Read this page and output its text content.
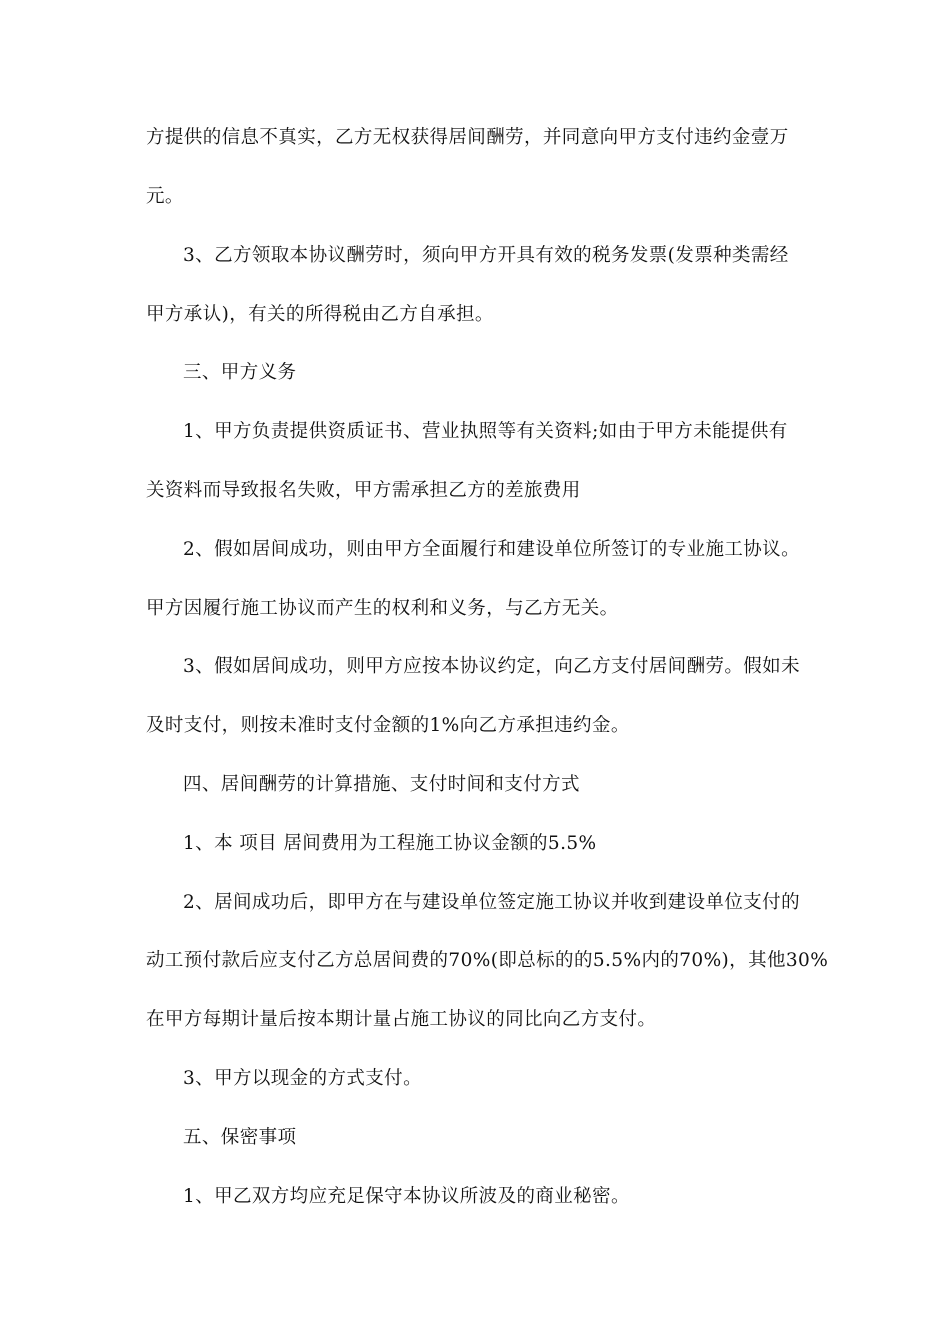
方提供的信息不真实，乙方无权获得居间酬劳，并同意向甲方支付违约金壹万

元。

3、乙方领取本协议酬劳时，须向甲方开具有效的税务发票(发票种类需经

甲方承认)，有关的所得税由乙方自承担。

三、甲方义务

1、甲方负责提供资质证书、营业执照等有关资料;如由于甲方未能提供有

关资料而导致报名失败，甲方需承担乙方的差旅费用

2、假如居间成功，则由甲方全面履行和建设单位所签订的专业施工协议。

甲方因履行施工协议而产生的权利和义务，与乙方无关。

3、假如居间成功，则甲方应按本协议约定，向乙方支付居间酬劳。假如未

及时支付，则按未准时支付金额的1%向乙方承担违约金。

四、居间酬劳的计算措施、支付时间和支付方式

1、本 项目 居间费用为工程施工协议金额的5.5%

2、居间成功后，即甲方在与建设单位签定施工协议并收到建设单位支付的

动工预付款后应支付乙方总居间费的70%(即总标的的5.5%内的70%)，其他30%

在甲方每期计量后按本期计量占施工协议的同比向乙方支付。

3、甲方以现金的方式支付。

五、保密事项

1、甲乙双方均应充足保守本协议所波及的商业秘密。
